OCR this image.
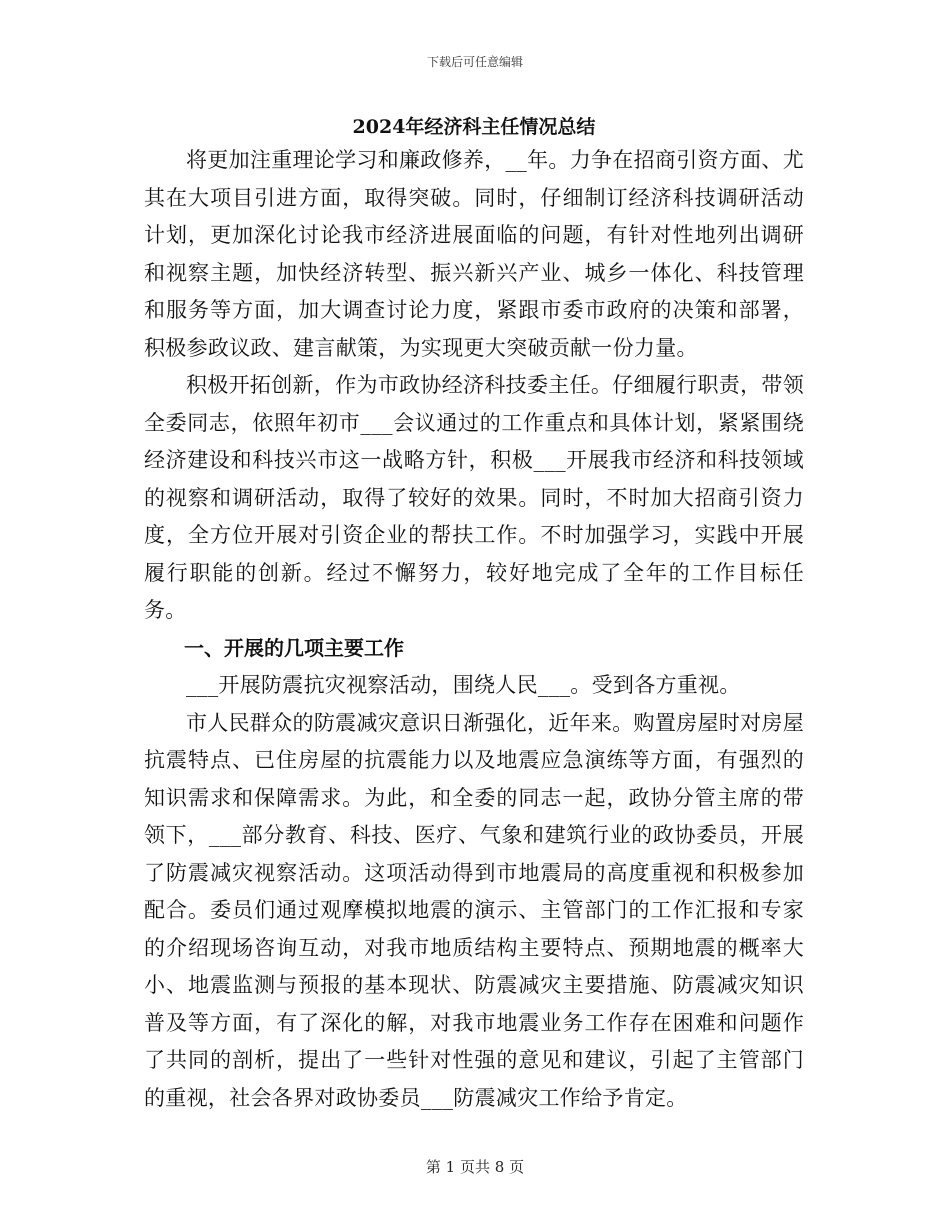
下载后可任意编辑
2024年经济科主任情况总结

将更加注重理论学习和廉政修养，__年。力争在招商引资方面、尤其在大项目引进方面，取得突破。同时，仔细制订经济科技调研活动计划，更加深化讨论我市经济进展面临的问题，有针对性地列出调研和视察主题，加快经济转型、振兴新兴产业、城乡一体化、科技管理和服务等方面，加大调查讨论力度，紧跟市委市政府的决策和部署，积极参政议政、建言献策，为实现更大突破贡献一份力量。

积极开拓创新，作为市政协经济科技委主任。仔细履行职责，带领全委同志，依照年初市___会议通过的工作重点和具体计划，紧紧围绕经济建设和科技兴市这一战略方针，积极___开展我市经济和科技领域的视察和调研活动，取得了较好的效果。同时，不时加大招商引资力度，全方位开展对引资企业的帮扶工作。不时加强学习，实践中开展履行职能的创新。经过不懈努力，较好地完成了全年的工作目标任务。

一、开展的几项主要工作

___开展防震抗灾视察活动，围绕人民___。受到各方重视。

市人民群众的防震减灾意识日渐强化，近年来。购置房屋时对房屋抗震特点、已住房屋的抗震能力以及地震应急演练等方面，有强烈的知识需求和保障需求。为此，和全委的同志一起，政协分管主席的带领下，___部分教育、科技、医疗、气象和建筑行业的政协委员，开展了防震减灾视察活动。这项活动得到市地震局的高度重视和积极参加配合。委员们通过观摩模拟地震的演示、主管部门的工作汇报和专家的介绍现场咨询互动，对我市地质结构主要特点、预期地震的概率大小、地震监测与预报的基本现状、防震减灾主要措施、防震减灾知识普及等方面，有了深化的解，对我市地震业务工作存在困难和问题作了共同的剖析，提出了一些针对性强的意见和建议，引起了主管部门的重视，社会各界对政协委员___防震减灾工作给予肯定。

第 1 页共 8 页
